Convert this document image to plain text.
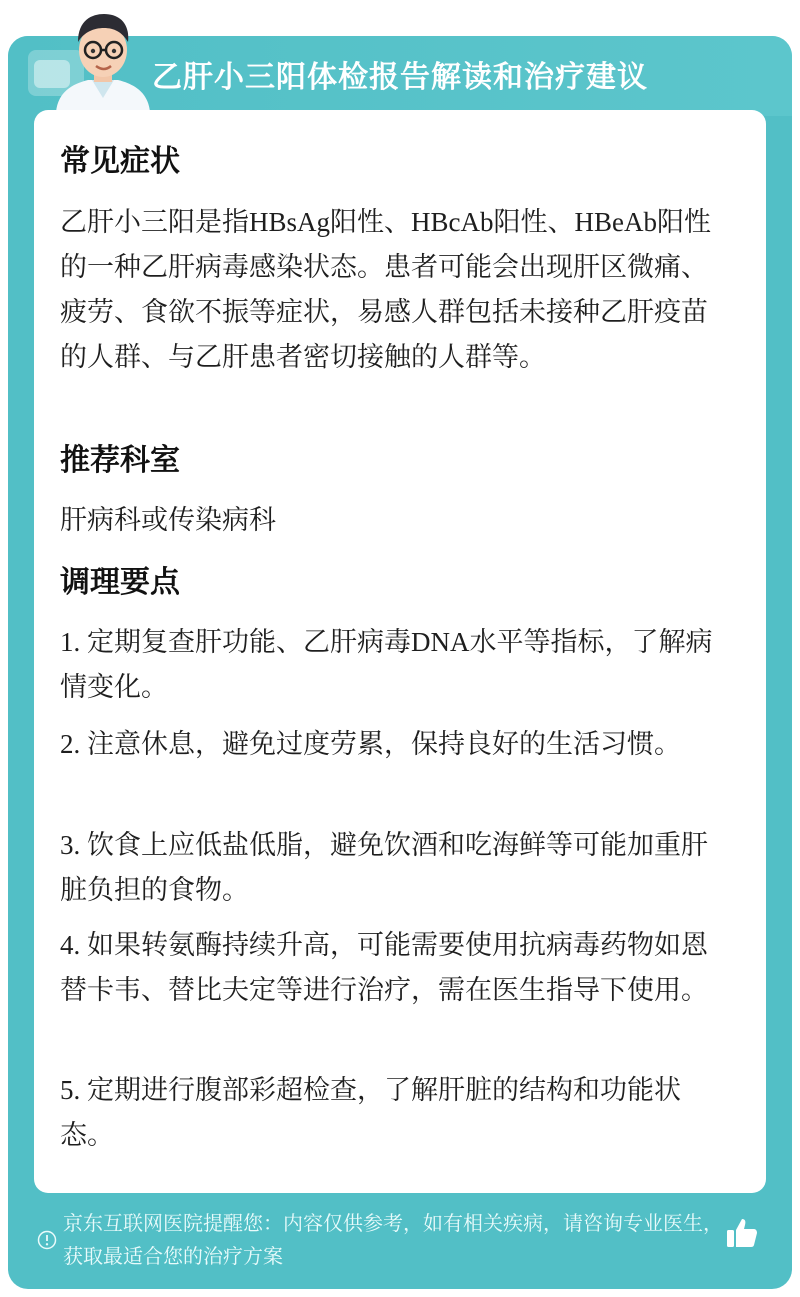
乙肝小三阳体检报告解读和治疗建议
常见症状
乙肝小三阳是指HBsAg阳性、HBcAb阳性、HBeAb阳性的一种乙肝病毒感染状态。患者可能会出现肝区微痛、疲劳、食欲不振等症状，易感人群包括未接种乙肝疫苗的人群、与乙肝患者密切接触的人群等。
推荐科室
肝病科或传染病科
调理要点
1. 定期复查肝功能、乙肝病毒DNA水平等指标，了解病情变化。
2. 注意休息，避免过度劳累，保持良好的生活习惯。
3. 饮食上应低盐低脂，避免饮酒和吃海鲜等可能加重肝脏负担的食物。
4. 如果转氨酶持续升高，可能需要使用抗病毒药物如恩替卡韦、替比夫定等进行治疗，需在医生指导下使用。
5. 定期进行腹部彩超检查，了解肝脏的结构和功能状态。
京东互联网医院提醒您：内容仅供参考，如有相关疾病，请咨询专业医生，获取最适合您的治疗方案
